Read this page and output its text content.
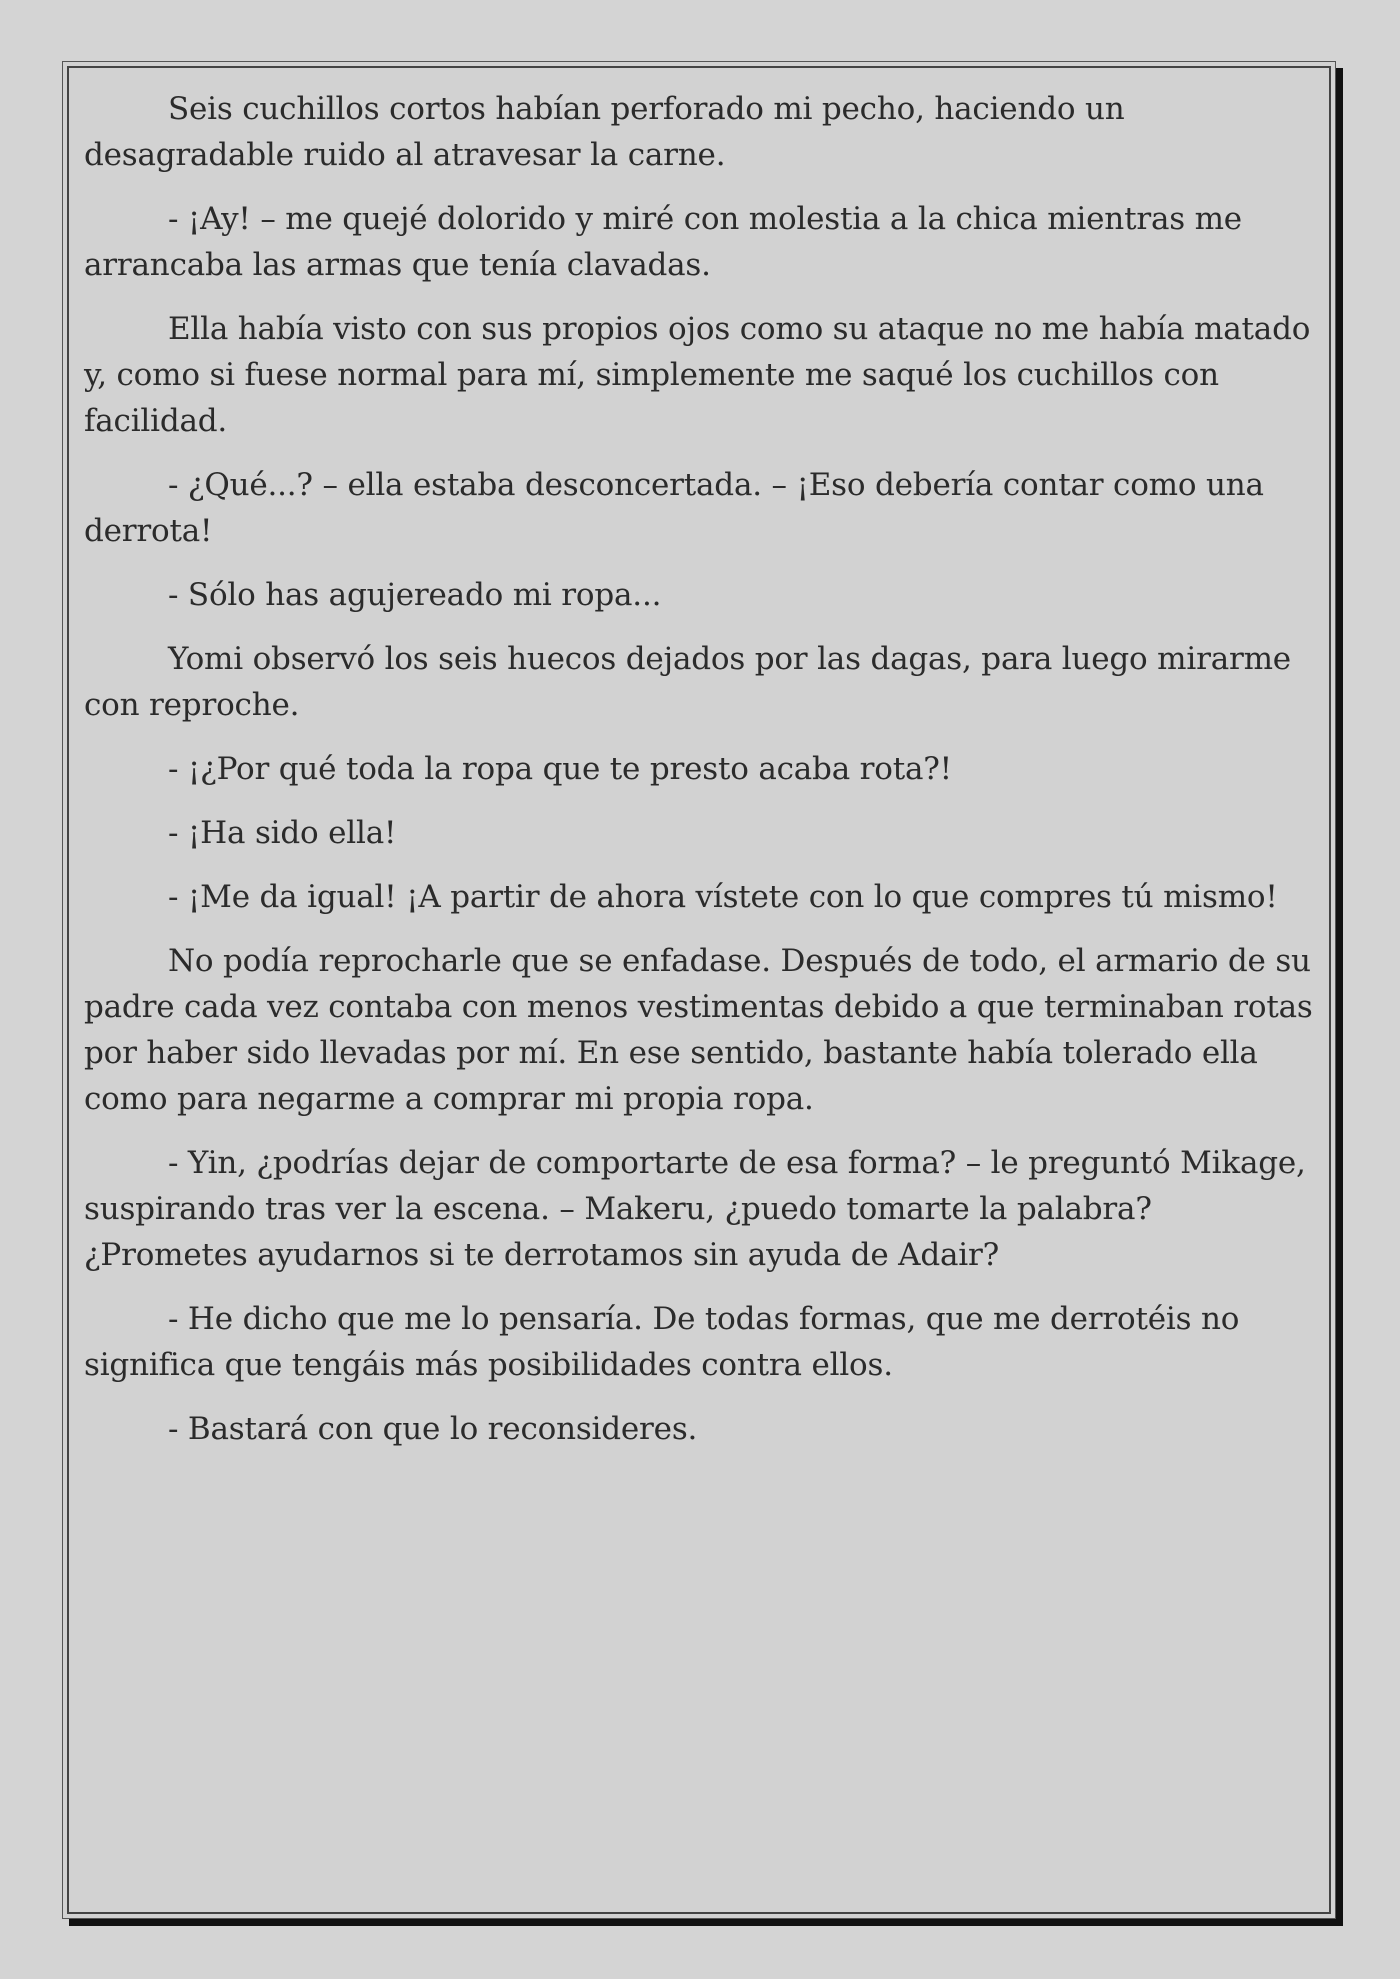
Seis cuchillos cortos habían perforado mi pecho, haciendo un desagradable ruido al atravesar la carne.

- ¡Ay! – me quejé dolorido y miré con molestia a la chica mientras me arrancaba las armas que tenía clavadas.

Ella había visto con sus propios ojos como su ataque no me había matado y, como si fuese normal para mí, simplemente me saqué los cuchillos con facilidad.

- ¿Qué...? – ella estaba desconcertada. – ¡Eso debería contar como una derrota!

- Sólo has agujereado mi ropa...

Yomi observó los seis huecos dejados por las dagas, para luego mirarme con reproche.

- ¡¿Por qué toda la ropa que te presto acaba rota?!

- ¡Ha sido ella!

- ¡Me da igual! ¡A partir de ahora vístete con lo que compres tú mismo!

No podía reprocharle que se enfadase. Después de todo, el armario de su padre cada vez contaba con menos vestimentas debido a que terminaban rotas por haber sido llevadas por mí. En ese sentido, bastante había tolerado ella como para negarme a comprar mi propia ropa.

- Yin, ¿podrías dejar de comportarte de esa forma? – le preguntó Mikage, suspirando tras ver la escena. – Makeru, ¿puedo tomarte la palabra? ¿Prometes ayudarnos si te derrotamos sin ayuda de Adair?

- He dicho que me lo pensaría. De todas formas, que me derrotéis no significa que tengáis más posibilidades contra ellos.

- Bastará con que lo reconsideres.
